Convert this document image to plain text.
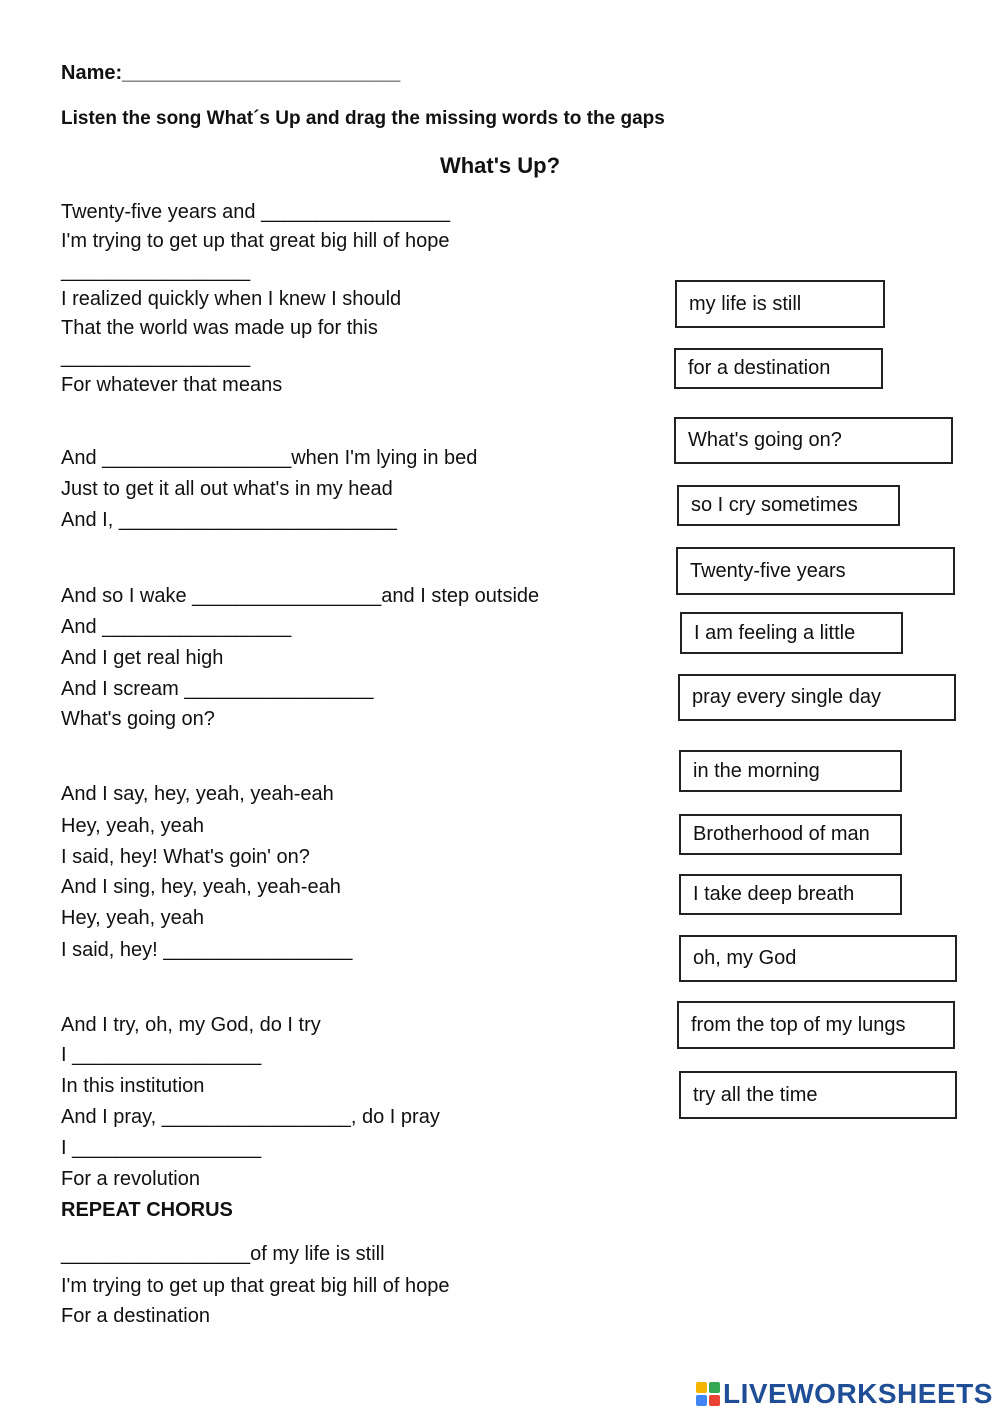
Name:_________________________
Listen the song What´s Up and drag the missing words to the gaps
What's Up?
Twenty-five years and _________________
I'm trying to get up that great big hill of hope
_________________
I realized quickly when I knew I should
That the world was made up for this
_________________
For whatever that means
And _________________when I'm lying in bed
Just to get it all out what's in my head
And I, _________________________
And so I wake _________________and I step outside
And _________________
And I get real high
And I scream _________________
What's going on?
And I say, hey, yeah, yeah-eah
Hey, yeah, yeah
I said, hey! What's goin' on?
And I sing, hey, yeah, yeah-eah
Hey, yeah, yeah
I said, hey! _________________
And I try, oh, my God, do I try
I _________________
In this institution
And I pray, _________________, do I pray
I _________________
For a revolution
REPEAT CHORUS
_________________of my life is still
I'm trying to get up that great big hill of hope
For a destination
my life is still
for a destination
What's going on?
so I cry sometimes
Twenty-five years
I am feeling a little
pray every single day
in the morning
Brotherhood of man
I take deep breath
oh, my God
from the top of my lungs
try all the time
LIVEWORKSHEETS
